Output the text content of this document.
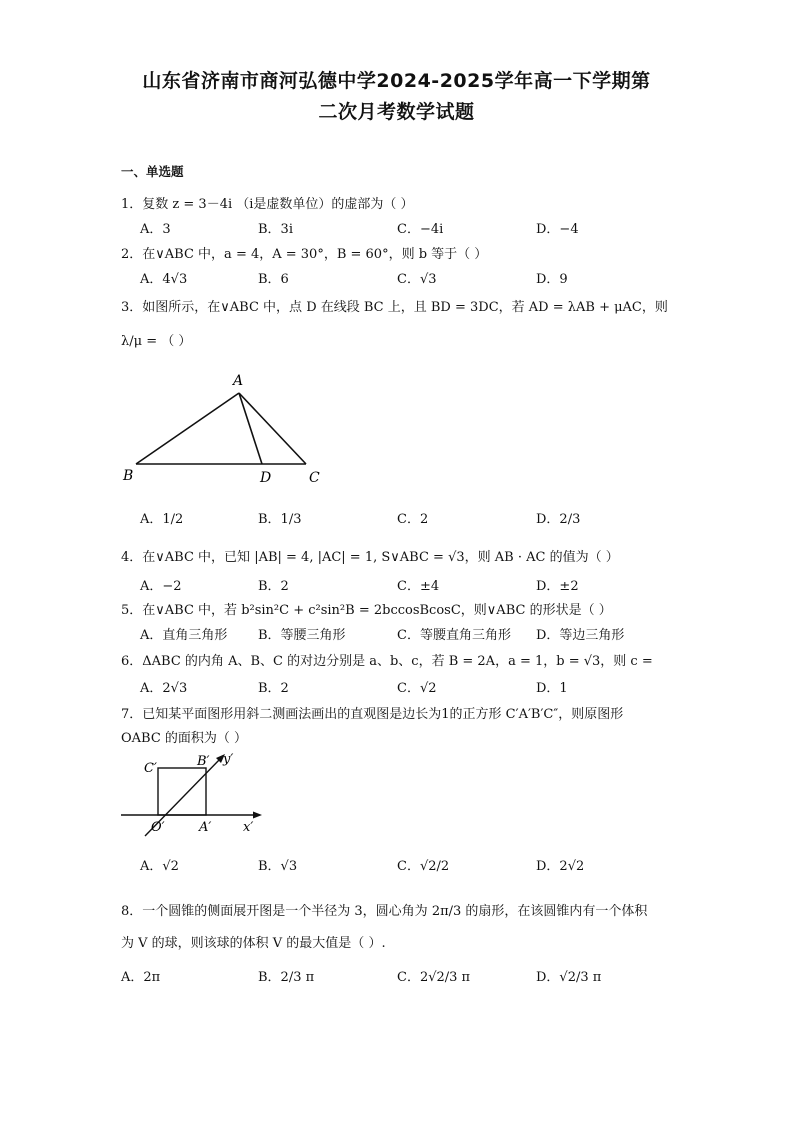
山东省济南市商河弘德中学2024-2025学年高一下学期第
二次月考数学试题
一、单选题
1．复数 z = 3－4i （i是虚数单位）的虚部为（ ）
A．3	B．3i	C．−4i	D．−4
2．在∨ABC 中，a = 4，A = 30°，B = 60°，则 b 等于（ ）
A．4√3	B．6	C．√3	D．9
3．如图所示，在∨ABC 中，点 D 在线段 BC 上，且 BD = 3DC，若 AD = λAB + μAC，则
λ/μ = （ ）
A
B	D	C
A．1/2	B．1/3	C．2	D．2/3
4．在∨ABC 中，已知 |AB| = 4, |AC| = 1, S∨ABC = √3，则 AB · AC 的值为（ ）
A．−2	B．2	C．±4	D．±2
5．在∨ABC 中，若 b²sin²C + c²sin²B = 2bccosBcosC，则∨ABC 的形状是（ ）
A．直角三角形 B．等腰三角形	C．等腰直角三角形 D．等边三角形
6．ΔABC 的内角 A、B、C 的对边分别是 a、b、c，若 B = 2A，a = 1，b = √3，则 c =
A．2√3	B．2	C．√2	D．1
7．已知某平面图形用斜二测画法画出的直观图是边长为1的正方形 C′A′B′C″，则原图形
OABC 的面积为（ ）
C′	B′ y′
O′	A′ x′
A．√2	B．√3	C．√2/2	D．2√2
8．一个圆锥的侧面展开图是一个半径为 3，圆心角为 2π/3 的扇形，在该圆锥内有一个体积
为 V 的球，则该球的体积 V 的最大值是（ ）.
A．2π	B．2/3 π	C．2√2/3 π	D．√2/3 π
